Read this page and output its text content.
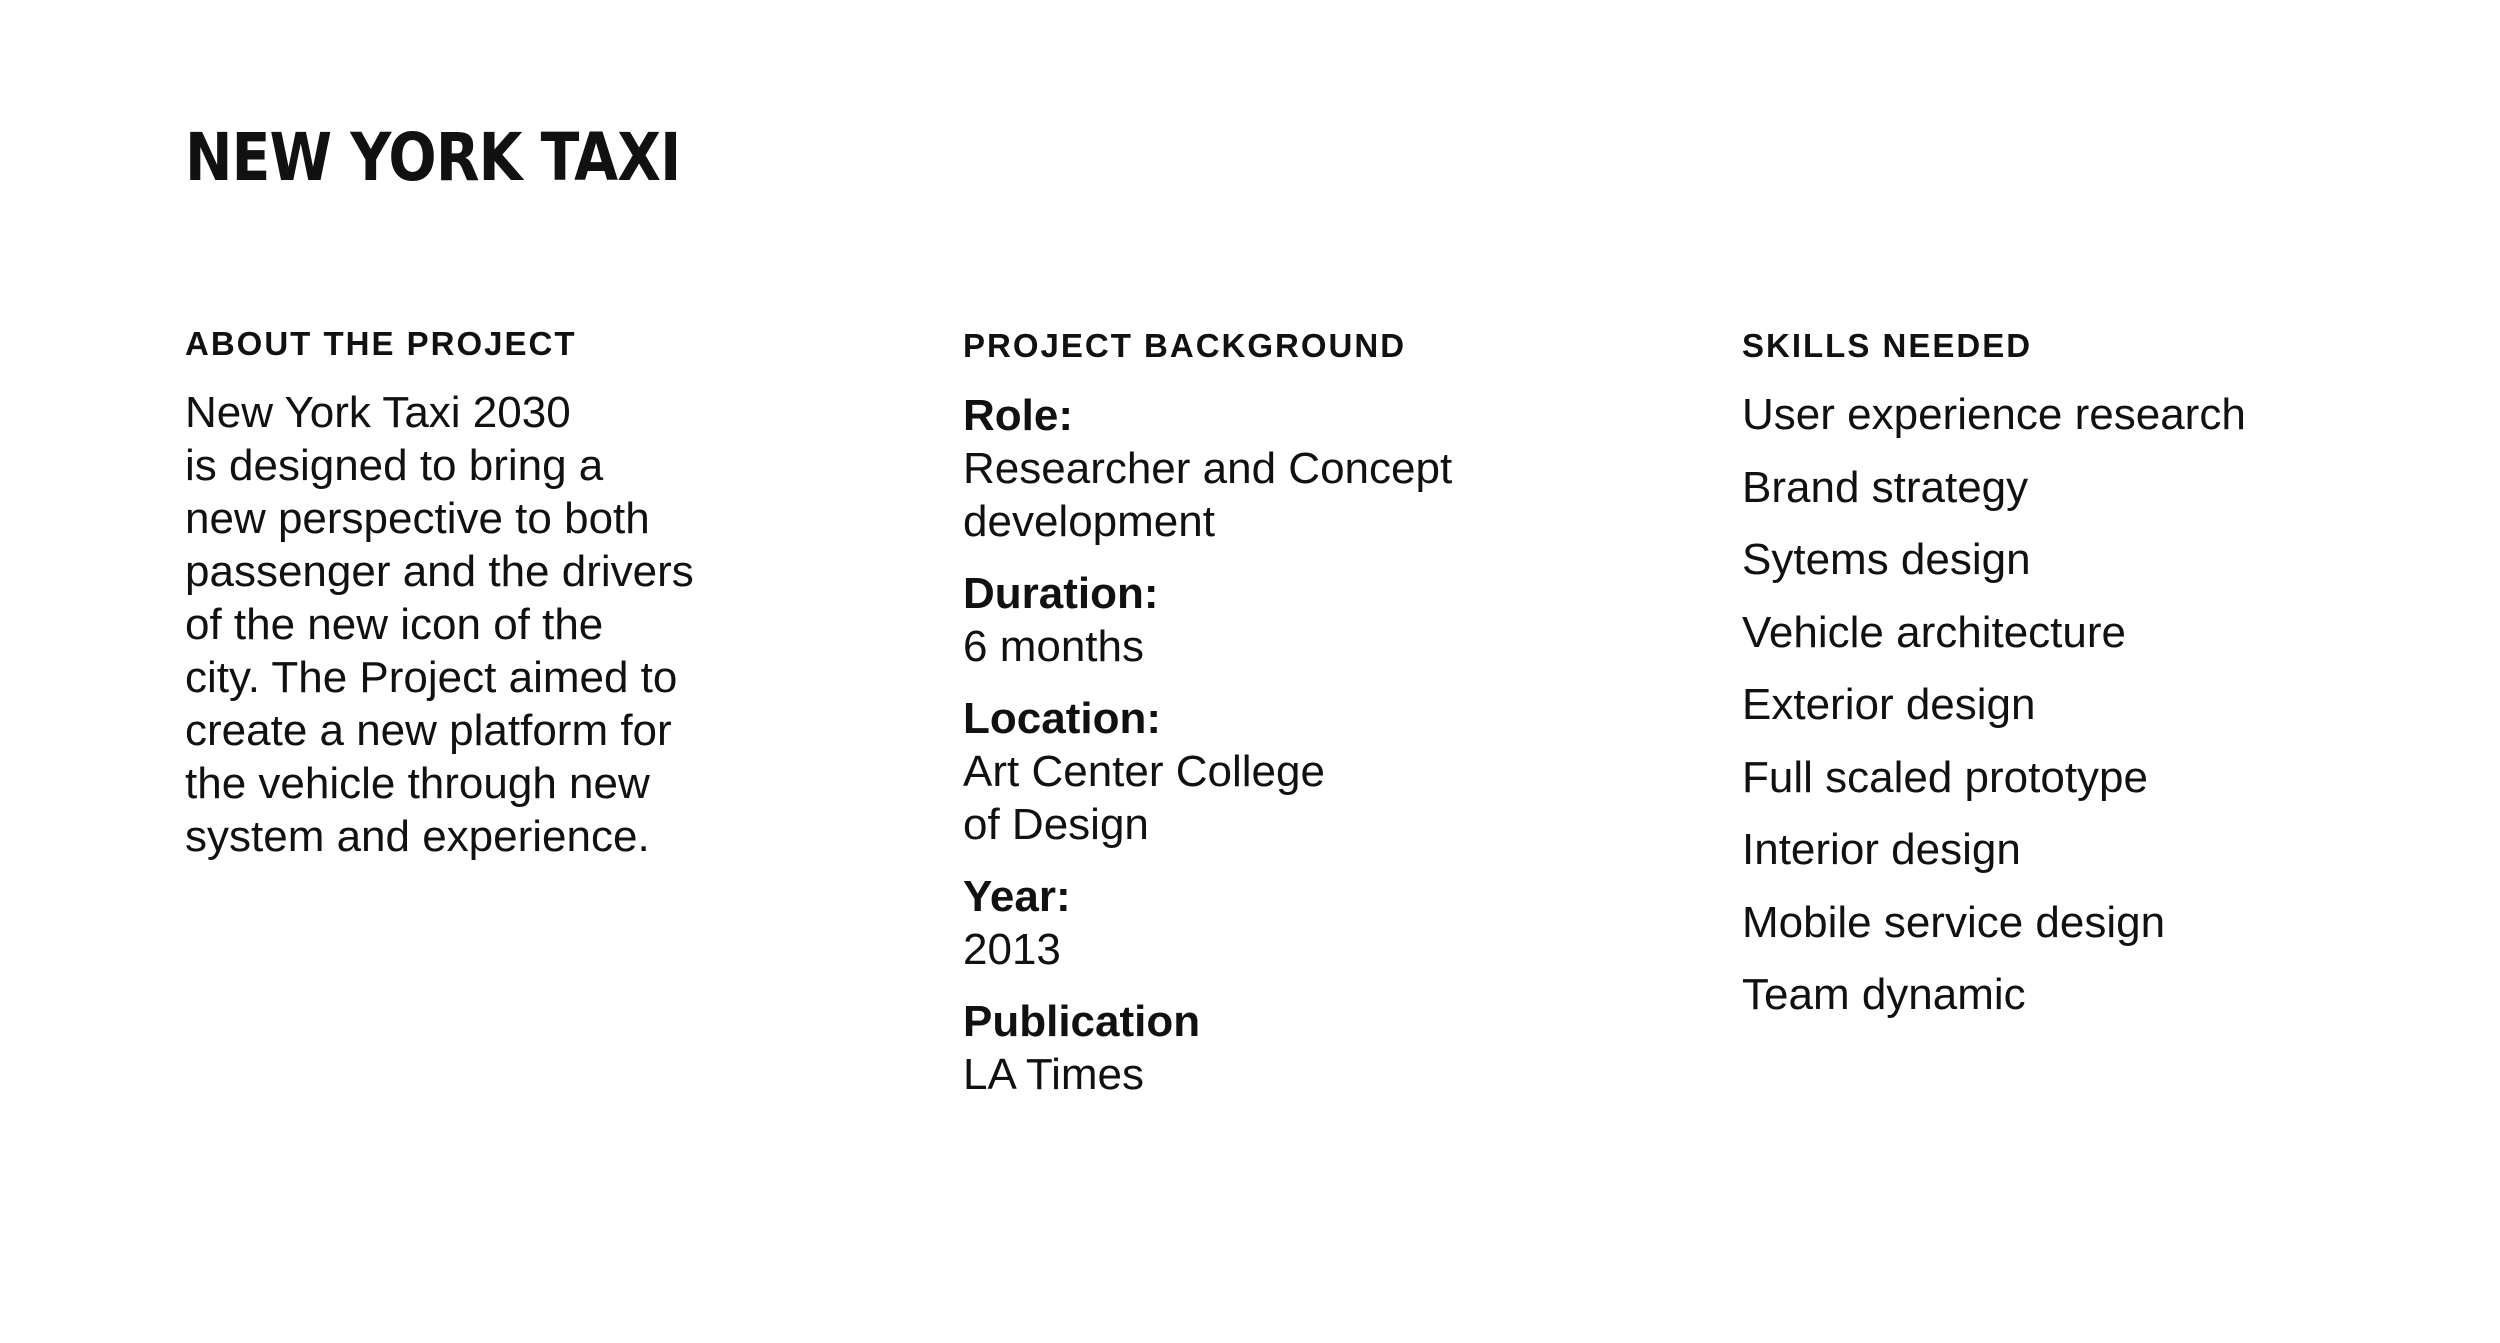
NEW YORK TAXI
ABOUT THE PROJECT
New York Taxi 2030
is designed to bring a
new perspective to both
passenger and the drivers
of the new icon of the
city. The Project aimed to
create a new platform for
the vehicle through new
system and experience.
PROJECT BACKGROUND
Role:
Researcher and Concept
development
Duration:
6 months
Location:
Art Center College
of Design
Year:
2013
Publication
LA Times
SKILLS NEEDED
User experience research
Brand strategy
Sytems design
Vehicle architecture
Exterior design
Full scaled prototype
Interior design
Mobile service design
Team dynamic
